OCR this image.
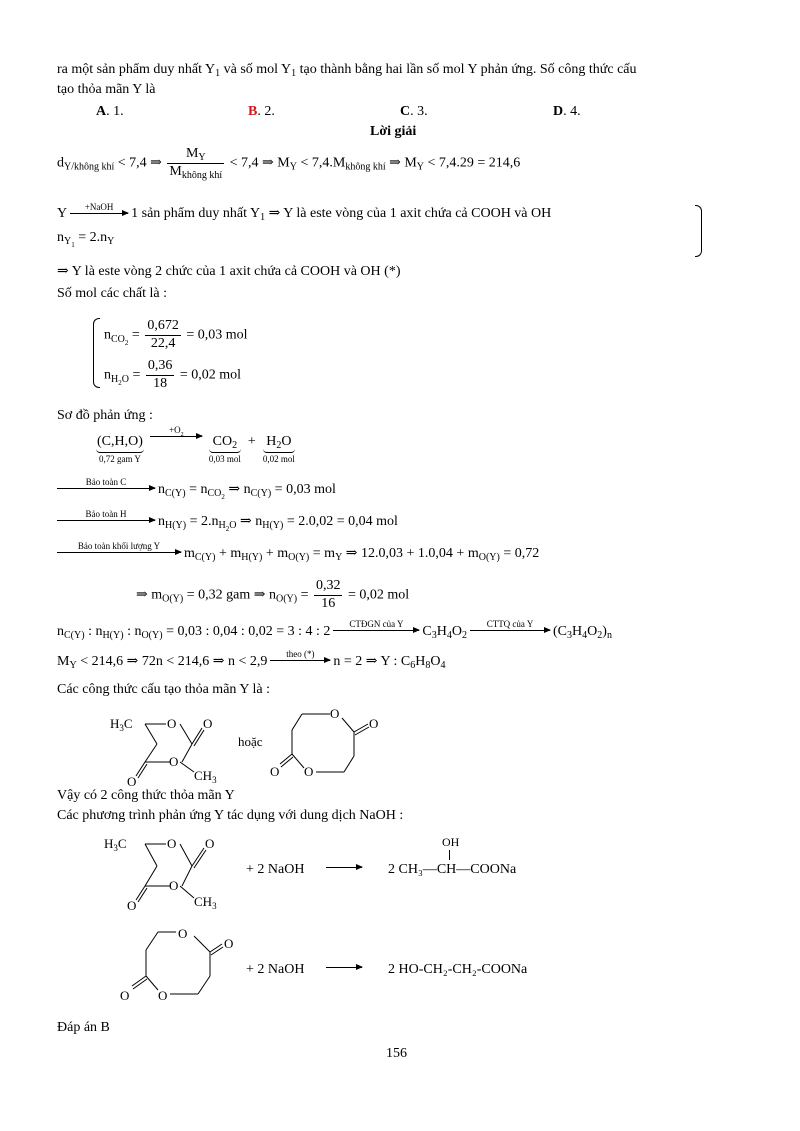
ra một sản phẩm duy nhất $Y_1$ và số mol $Y_1$ tạo thành bằng hai lần số mol Y phản ứng. Số công thức cấu
tạo thỏa mãn Y là
A. 1.	B. 2.	C. 3.	D. 4.
Lời giải
$d_{Y/không khí} < 7,4$ ⇒ $\frac{M_Y}{M_{không khí}} < 7,4$ ⇒ $M_Y < 7,4.M_{không khí}$ ⇒ $M_Y < 7,4.29 = 214,6$
Y	+NaOH	1 sản phẩm duy nhất $Y_1$ ⇒ Y là este vòng của 1 axit chứa cả COOH và OH
$n_{Y_1} = 2.n_Y$
⇒ Y là este vòng 2 chức của 1 axit chứa cả COOH và OH (*)
Số mol các chất là :
$n_{CO_2} = \frac{0,672}{22,4} = 0,03$ mol
$n_{H_2O} = \frac{0,36}{18} = 0,02$ mol
Sơ đồ phản ứng :
(C,H,O)
0,72 gam Y

+O

$CO_2$
0,03 mol
+ $H_2O$
0,02 mol
Bảo toàn C	$n_{C(Y)} = n_{CO_2}$ ⇒ $n_{C(Y)} = 0,03$ mol
Bảo toàn H	$n_{H(Y)} = 2.n_{H_2O}$ ⇒ $n_{H(Y)} = 2.0,02 = 0,04$ mol
Bảo toàn khối lượng Y	$m_{C(Y)} + m_{H(Y)} + m_{O(Y)} = m_Y$ ⇒ $12.0,03 + 1.0,04 + m_{O(Y)} = 0,72$
⇒ $m_{O(Y)} = 0,32$ gam ⇒ $n_{O(Y)} = \frac{0,32}{16} = 0,02$ mol
$n_{C(Y)}$ : $n_{H(Y)}$ : $n_{O(Y)} = 0,03$ : 0,04 : 0,02 = 3 : 4 : 2	CTĐGN của Y	$C_3H_4O_2$
CTTQ của Y	$(C_3H_4O_2)_n$
$M_Y < 214,6$ ⇒ 72n < 214,6 ⇒ n < 2,9	theo (*)	n = 2 ⇒ Y : $C_6H_8O_4$
Các công thức cấu tạo thỏa mãn Y là :
$H_3C$	O O
O
O
$CH_3$
hoặc
O
O
O O
Vậy có 2 công thức thỏa mãn Y
Các phương trình phản ứng Y tác dụng với dung dịch NaOH :
$H_3C$	O O
O
O
$CH_3$
+ 2 NaOH →
OH
2 CH₃—CH—COONa
O
O
O O
+ 2 NaOH → 2 HO-CH₂-CH₂-COONa
Đáp án B
156
